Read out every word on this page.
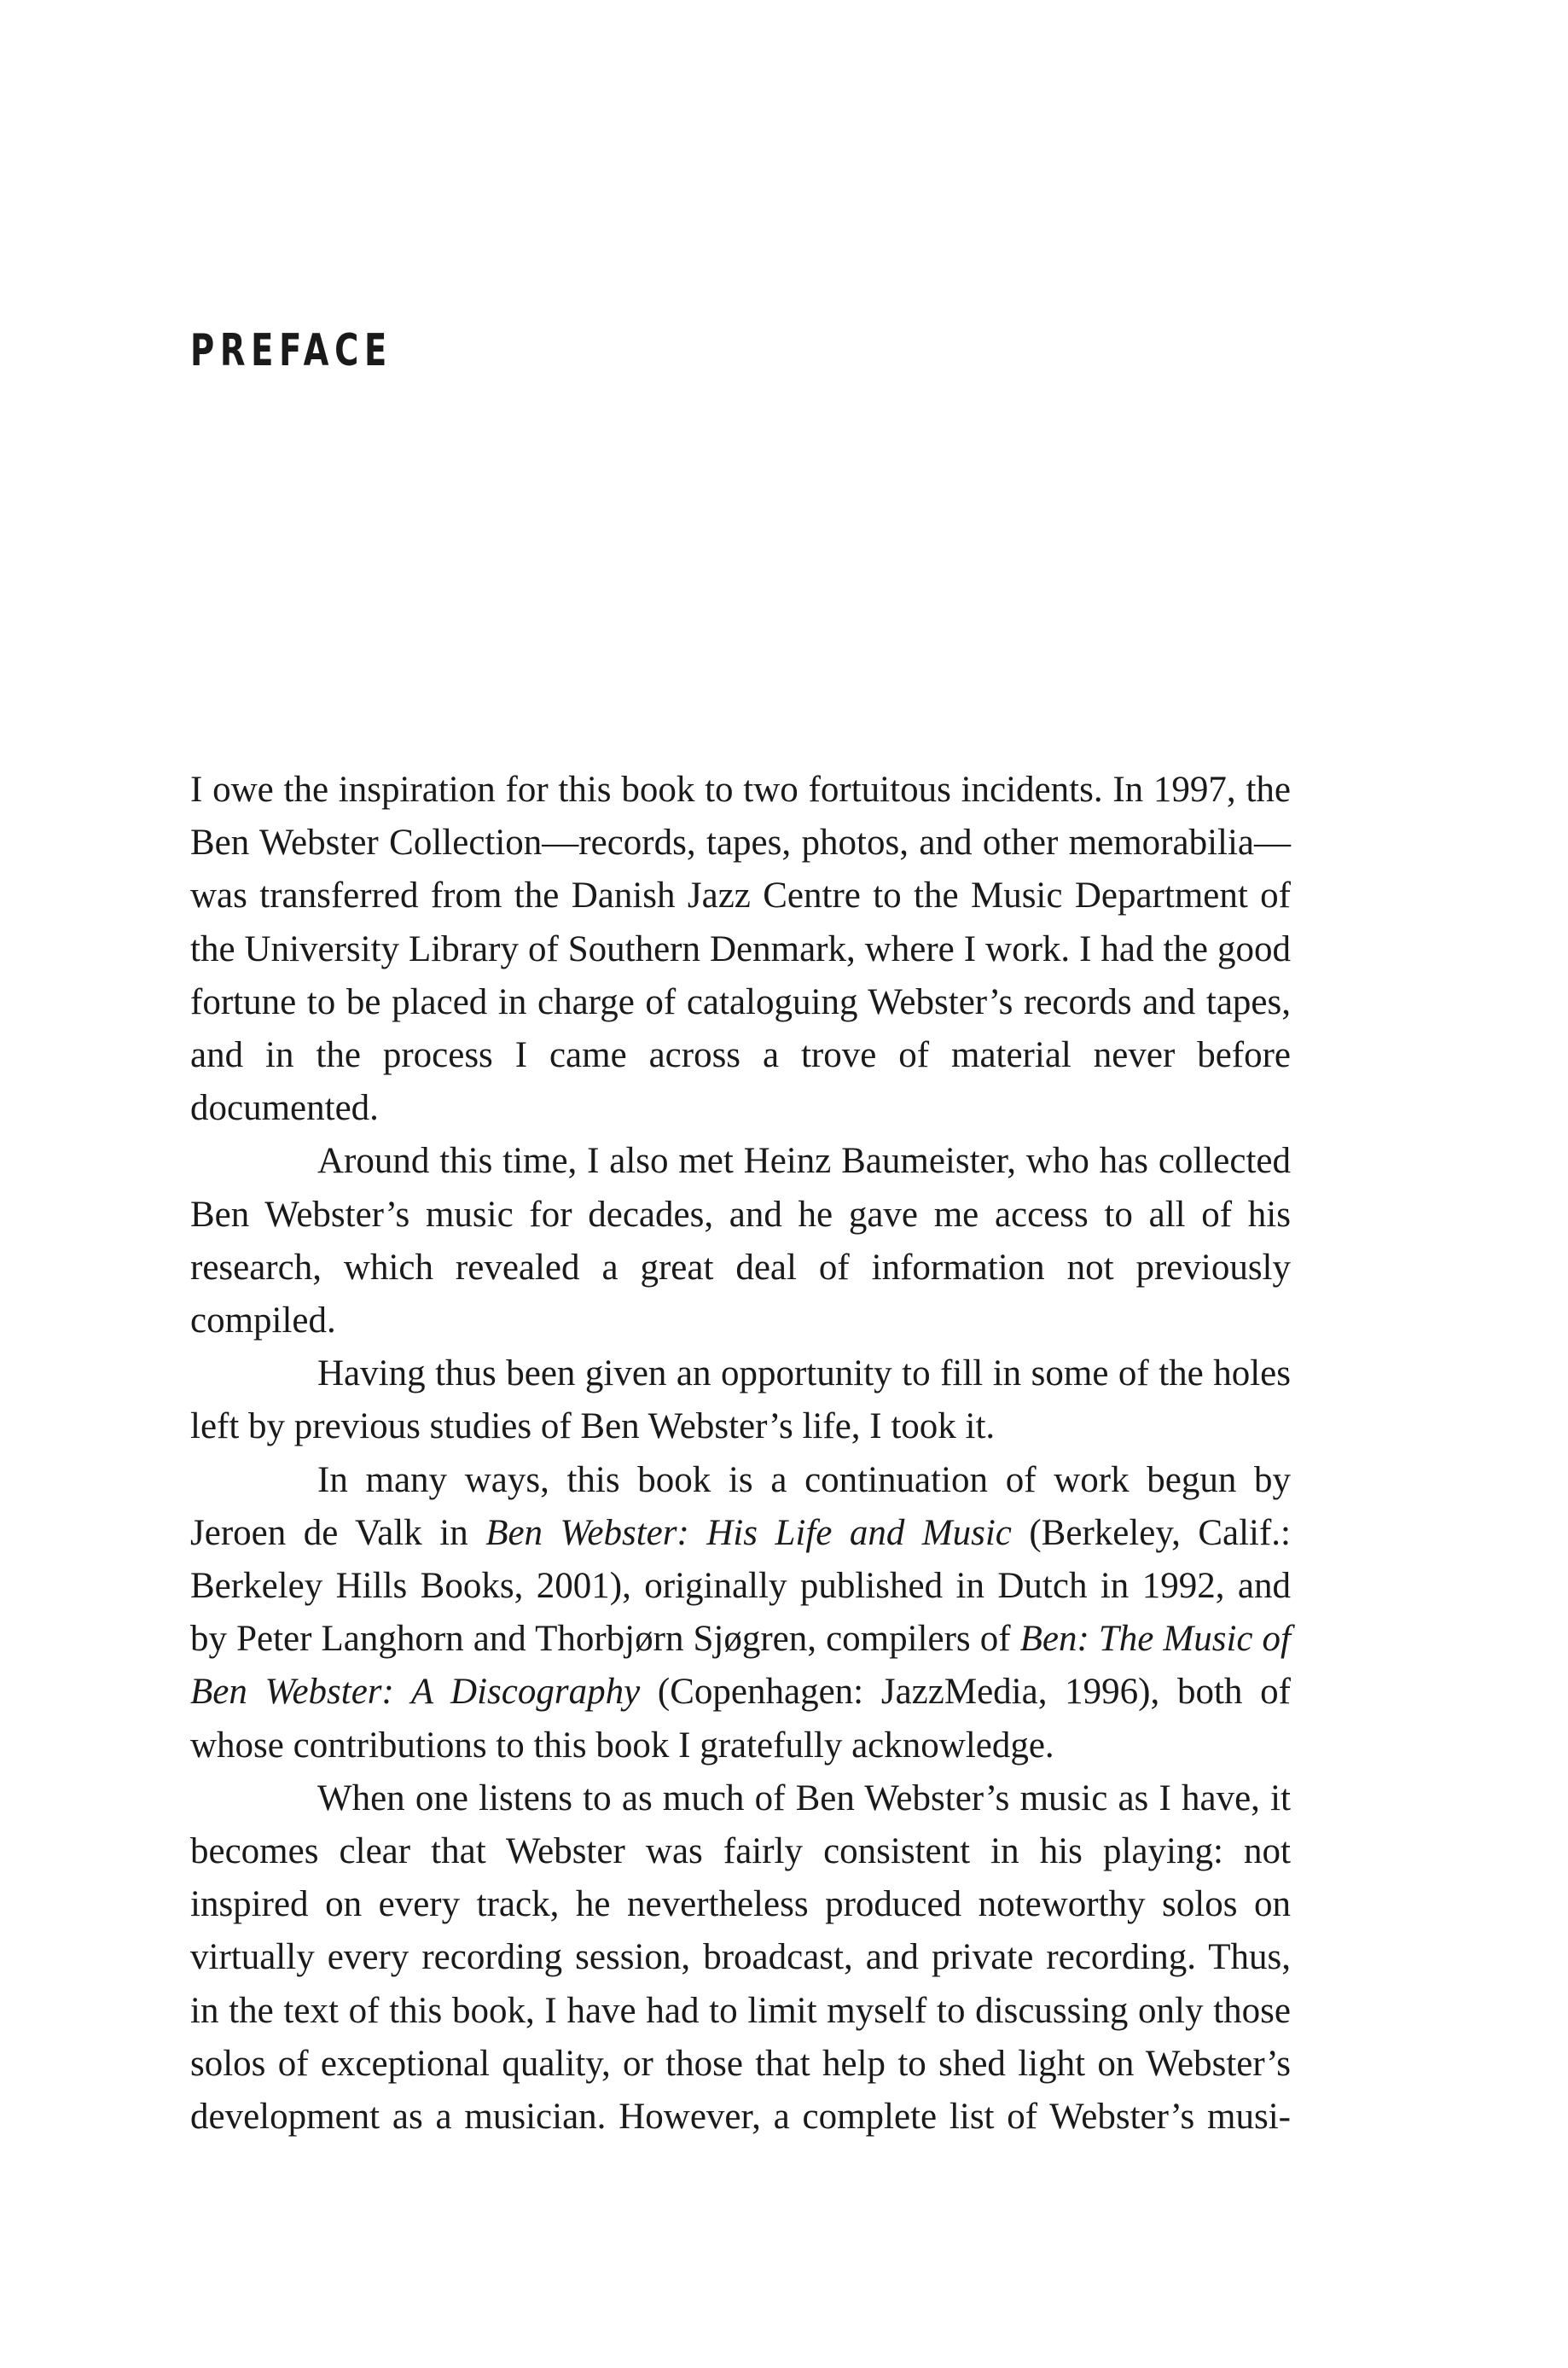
PREFACE

I owe the inspiration for this book to two fortuitous incidents. In 1997, the Ben Webster Collection—records, tapes, photos, and other memorabilia—was transferred from the Danish Jazz Centre to the Music Department of the University Library of Southern Denmark, where I work. I had the good fortune to be placed in charge of cataloguing Webster’s records and tapes, and in the process I came across a trove of material never before documented.

Around this time, I also met Heinz Baumeister, who has collected Ben Webster’s music for decades, and he gave me access to all of his research, which revealed a great deal of information not previously compiled.

Having thus been given an opportunity to fill in some of the holes left by previous studies of Ben Webster’s life, I took it.

In many ways, this book is a continuation of work begun by Jeroen de Valk in Ben Webster: His Life and Music (Berkeley, Calif.: Berkeley Hills Books, 2001), originally published in Dutch in 1992, and by Peter Langhorn and Thorbjørn Sjøgren, compilers of Ben: The Music of Ben Webster: A Discography (Copenhagen: JazzMedia, 1996), both of whose contributions to this book I gratefully acknowledge.

When one listens to as much of Ben Webster’s music as I have, it becomes clear that Webster was fairly consistent in his playing: not inspired on every track, he nevertheless produced noteworthy solos on virtually every recording session, broadcast, and private recording. Thus, in the text of this book, I have had to limit myself to discussing only those solos of exceptional quality, or those that help to shed light on Webster’s development as a musician. However, a complete list of Webster’s musi-
